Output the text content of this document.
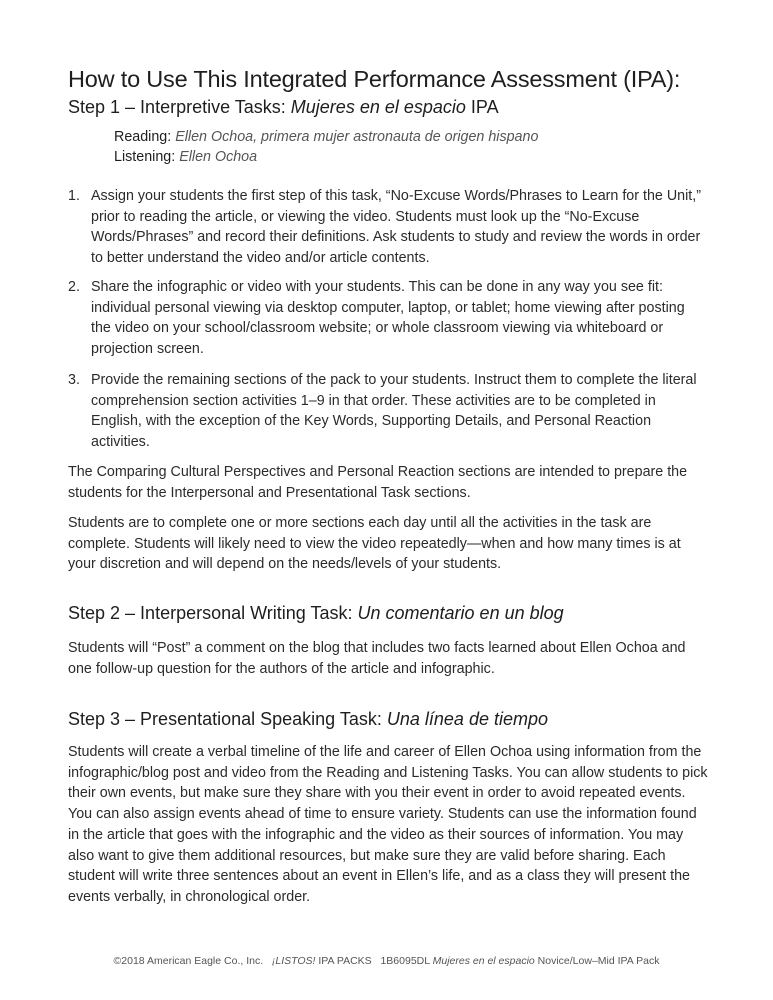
How to Use This Integrated Performance Assessment (IPA):
Step 1 – Interpretive Tasks: Mujeres en el espacio IPA
Reading: Ellen Ochoa, primera mujer astronauta de origen hispano
Listening: Ellen Ochoa
1. Assign your students the first step of this task, “No-Excuse Words/Phrases to Learn for the Unit,” prior to reading the article, or viewing the video. Students must look up the “No-Excuse Words/Phrases” and record their definitions. Ask students to study and review the words in order to better understand the video and/or article contents.
2. Share the infographic or video with your students. This can be done in any way you see fit: individual personal viewing via desktop computer, laptop, or tablet; home viewing after posting the video on your school/classroom website; or whole classroom viewing via whiteboard or projection screen.
3. Provide the remaining sections of the pack to your students. Instruct them to complete the literal comprehension section activities 1–9 in that order. These activities are to be completed in English, with the exception of the Key Words, Supporting Details, and Personal Reaction activities.

The Comparing Cultural Perspectives and Personal Reaction sections are intended to prepare the students for the Interpersonal and Presentational Task sections.

Students are to complete one or more sections each day until all the activities in the task are complete. Students will likely need to view the video repeatedly—when and how many times is at your discretion and will depend on the needs/levels of your students.

Step 2 – Interpersonal Writing Task: Un comentario en un blog

Students will “Post” a comment on the blog that includes two facts learned about Ellen Ochoa and one follow-up question for the authors of the article and infographic.

Step 3 – Presentational Speaking Task: Una línea de tiempo

Students will create a verbal timeline of the life and career of Ellen Ochoa using information from the infographic/blog post and video from the Reading and Listening Tasks. You can allow students to pick their own events, but make sure they share with you their event in order to avoid repeated events. You can also assign events ahead of time to ensure variety. Students can use the information found in the article that goes with the infographic and the video as their sources of information. You may also want to give them additional resources, but make sure they are valid before sharing. Each student will write three sentences about an event in Ellen’s life, and as a class they will present the events verbally, in chronological order.

©2018 American Eagle Co., Inc. ¡LISTOS! IPA PACKS 1B6095DL Mujeres en el espacio Novice/Low–Mid IPA Pack
